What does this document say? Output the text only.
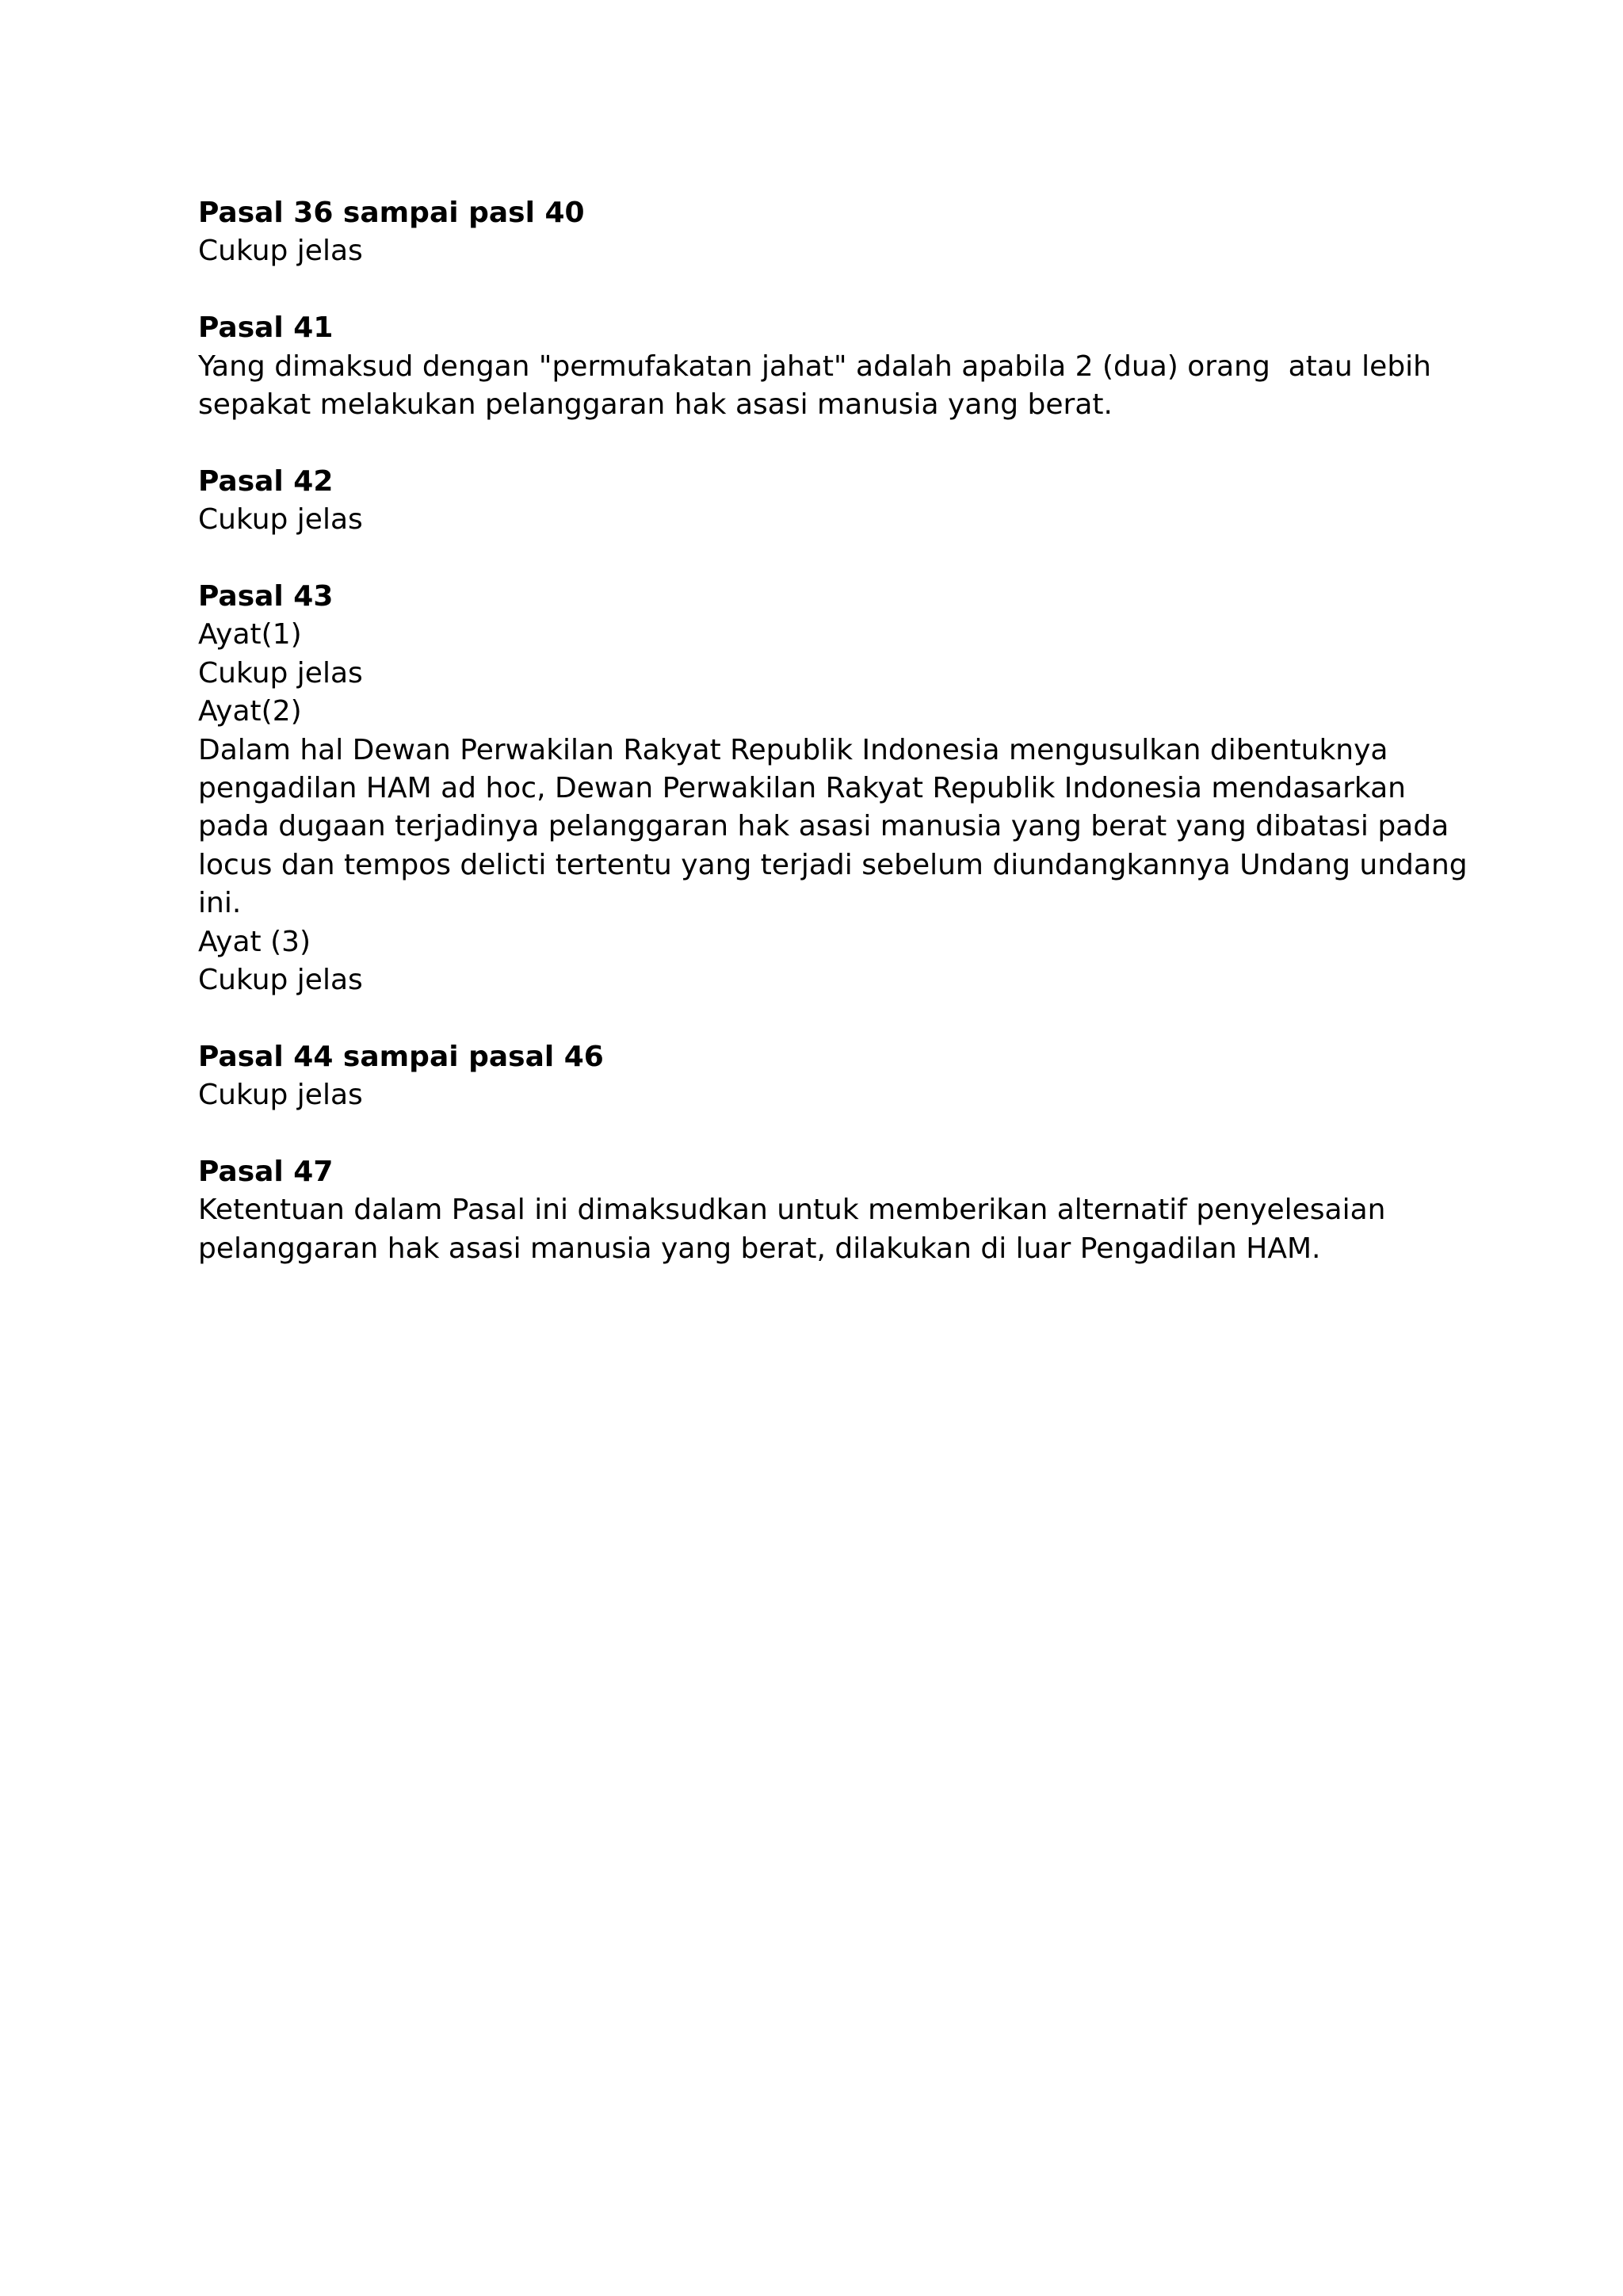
Pasal 36 sampai pasl 40
Cukup jelas
Pasal 41
Yang dimaksud dengan "permufakatan jahat" adalah apabila 2 (dua) orang  atau lebih
sepakat melakukan pelanggaran hak asasi manusia yang berat.
Pasal 42
Cukup jelas
Pasal 43
Ayat(1)
Cukup jelas
Ayat(2)
Dalam hal Dewan Perwakilan Rakyat Republik Indonesia mengusulkan dibentuknya
pengadilan HAM ad hoc, Dewan Perwakilan Rakyat Republik Indonesia mendasarkan
pada dugaan terjadinya pelanggaran hak asasi manusia yang berat yang dibatasi pada
locus dan tempos delicti tertentu yang terjadi sebelum diundangkannya Undang undang
ini.
Ayat (3)
Cukup jelas
Pasal 44 sampai pasal 46
Cukup jelas
Pasal 47
Ketentuan dalam Pasal ini dimaksudkan untuk memberikan alternatif penyelesaian
pelanggaran hak asasi manusia yang berat, dilakukan di luar Pengadilan HAM.
